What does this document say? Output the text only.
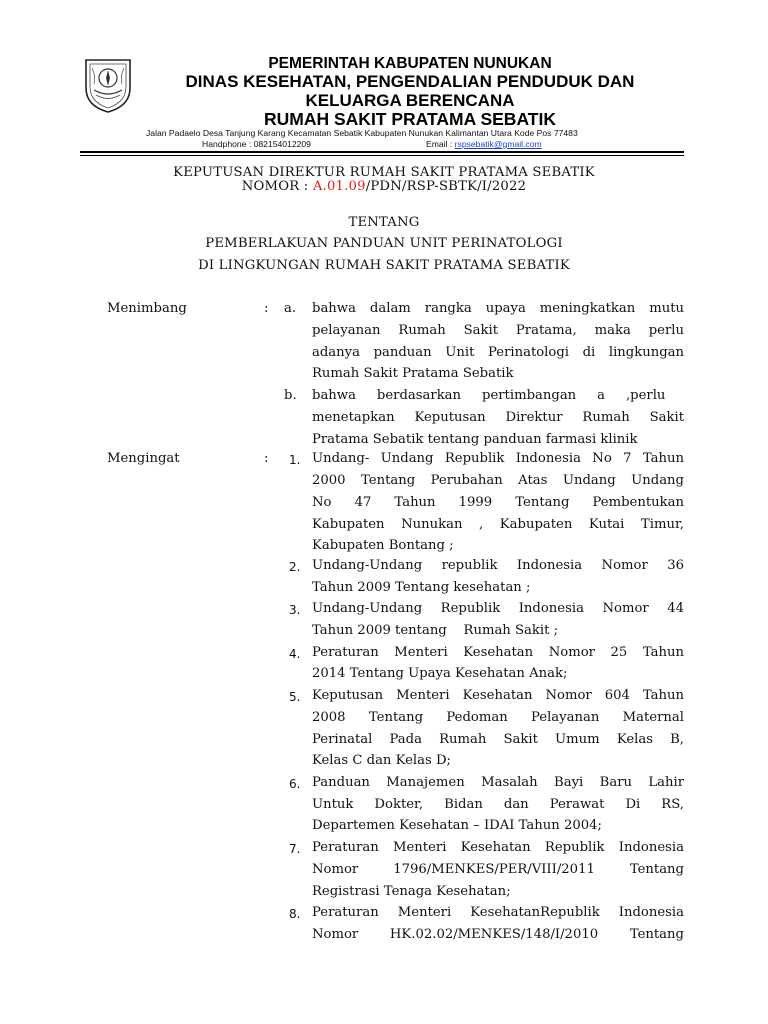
PEMERINTAH KABUPATEN NUNUKAN
DINAS KESEHATAN, PENGENDALIAN PENDUDUK DAN
KELUARGA BERENCANA
RUMAH SAKIT PRATAMA SEBATIK
Jalan Padaelo Desa Tanjung Karang Kecamatan Sebatik Kabupaten Nunukan Kalimantan Utara Kode Pos 77483
Handphone : 082154012209	Email : rspsebatik@gmail.com
KEPUTUSAN DIREKTUR RUMAH SAKIT PRATAMA SEBATIK
NOMOR : A.01.09/PDN/RSP-SBTK/I/2022
TENTANG
PEMBERLAKUAN PANDUAN UNIT PERINATOLOGI
DI LINGKUNGAN RUMAH SAKIT PRATAMA SEBATIK
Menimbang	: a. bahwa dalam rangka upaya meningkatkan mutu
pelayanan Rumah Sakit Pratama, maka perlu
adanya panduan Unit Perinatologi di lingkungan
Rumah Sakit Pratama Sebatik
b. bahwa     berdasarkan     pertimbangan     a     ,perlu
menetapkan Keputusan Direktur Rumah Sakit
Pratama Sebatik tentang panduan farmasi klinik
Mengingat	: 1. Undang- Undang Republik Indonesia No 7 Tahun
2000 Tentang Perubahan Atas Undang Undang
No 47 Tahun 1999 Tentang Pembentukan
Kabupaten Nunukan , Kabupaten Kutai Timur,
Kabupaten Bontang ;
2. Undang-Undang republik Indonesia Nomor 36
Tahun 2009 Tentang kesehatan ;
3. Undang-Undang Republik Indonesia Nomor 44
Tahun 2009 tentang    Rumah Sakit ;
4. Peraturan Menteri Kesehatan Nomor 25 Tahun
2014 Tentang Upaya Kesehatan Anak;
5. Keputusan Menteri Kesehatan Nomor 604 Tahun
2008 Tentang Pedoman Pelayanan Maternal
Perinatal Pada Rumah Sakit Umum Kelas B,
Kelas C dan Kelas D;
6. Panduan Manajemen Masalah Bayi Baru Lahir
Untuk Dokter, Bidan dan Perawat Di RS,
Departemen Kesehatan – IDAI Tahun 2004;
7. Peraturan Menteri Kesehatan Republik Indonesia
Nomor 1796/MENKES/PER/VIII/2011 Tentang
Registrasi Tenaga Kesehatan;
8. Peraturan Menteri KesehatanRepublik Indonesia
Nomor HK.02.02/MENKES/148/I/2010 Tentang
